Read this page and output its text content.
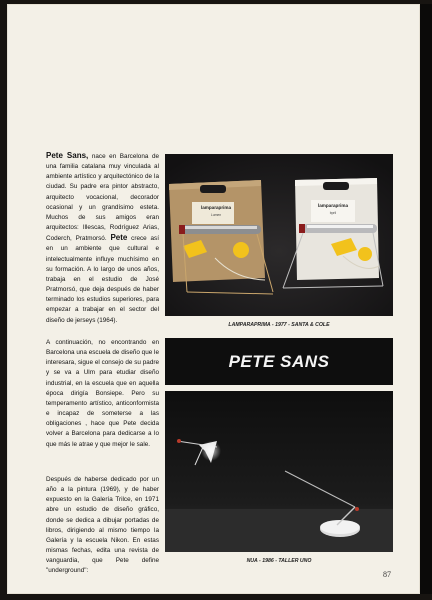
Pete Sans, nace en Barcelona de una familia catalana muy vinculada al ambiente artístico y arquitectónico de la ciudad. Su padre era pintor abstracto, arquitecto vocacional, decorador ocasional y un grandísimo esteta. Muchos de sus amigos eran arquitectos: Illescas, Rodríguez Arias, Coderch, Pratmorsó. Pete crece así en un ambiente que cultural e intelectualmente influye muchísimo en su formación. A lo largo de unos años, trabaja en el estudio de José Pratmorsó, que deja después de haber terminado los estudios superiores, para empezar a trabajar en el sector del diseño de jerseys (1964).
A continuación, no encontrando en Barcelona una escuela de diseño que le interesara, sigue el consejo de su padre y se va a Ulm para etudiar diseño industrial, en la escuela que en aquella época dirigía Bonsiepe. Pero su temperamento artístico, anticonformista e incapaz de someterse a las obligaciones , hace que Pete decida volver a Barcelona para dedicarse a lo que más le atrae y que mejor le sale.
Después de haberse dedicado por un año a la pintura (1969), y de haber expuesto en la Galería Trilce, en 1971 abre un estudio de diseño gráfico, donde se dedica a dibujar portadas de libros, dirigiendo al mismo tiempo la Galería y la escuela Nikon. En estas mismas fechas, edita una revista de vanguardia, que Pete define "underground":
lamparaprima
Lumen
lamparaprima
bpril
LAMPARAPRIMA - 1977 - SANTA & COLE
PETE SANS
NUA - 1986 - TALLER UNO
87
